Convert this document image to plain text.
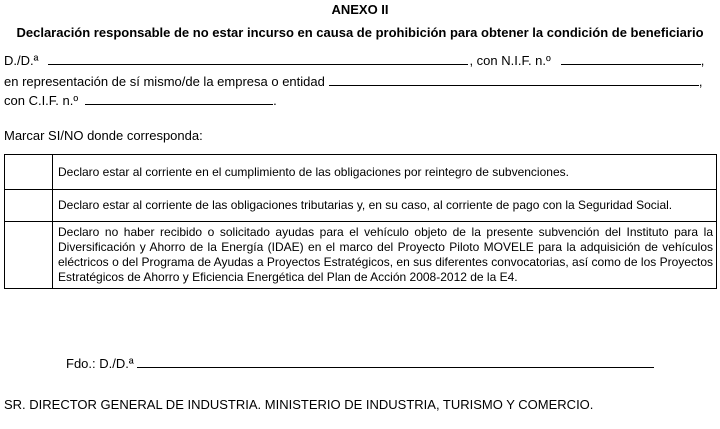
ANEXO II
Declaración responsable de no estar incurso en causa de prohibición para obtener la condición de beneficiario
D./D.ª	, con N.I.F. n.º	,
en representación de sí mismo/de la empresa o entidad	,
con C.I.F. n.º	.
Marcar SI/NO donde corresponda:
	Declaro estar al corriente en el cumplimiento de las obligaciones por reintegro de subvenciones.
	Declaro estar al corriente de las obligaciones tributarias y, en su caso, al corriente de pago con la Seguridad Social.
	Declaro no haber recibido o solicitado ayudas para el vehículo objeto de la presente subvención del Instituto para la Diversificación y Ahorro de la Energía (IDAE) en el marco del Proyecto Piloto MOVELE para la adquisición de vehículos eléctricos o del Programa de Ayudas a Proyectos Estratégicos, en sus diferentes convocatorias, así como de los Proyectos Estratégicos de Ahorro y Eficiencia Energética del Plan de Acción 2008-2012 de la E4.
Fdo.: D./D.ª
SR. DIRECTOR GENERAL DE INDUSTRIA. MINISTERIO DE INDUSTRIA, TURISMO Y COMERCIO.
